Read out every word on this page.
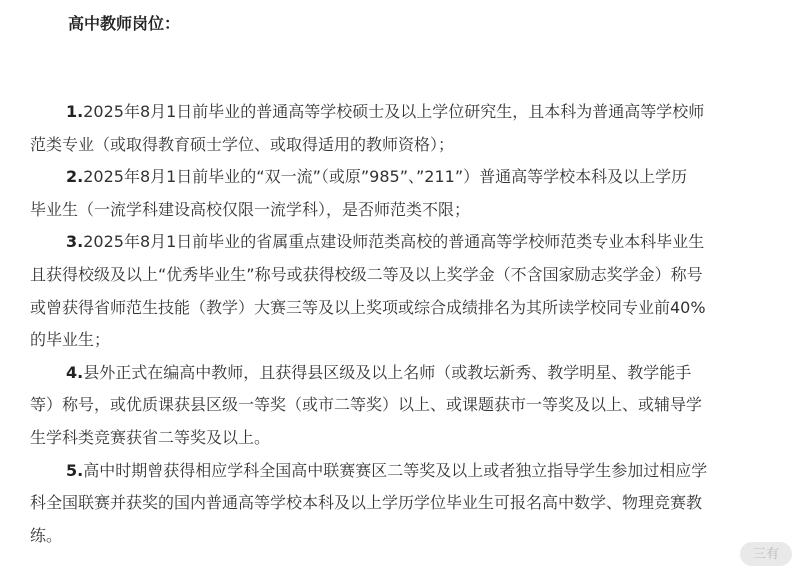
高中教师岗位：

1.2025年8月1日前毕业的普通高等学校硕士及以上学位研究生，且本科为普通高等学校师
范类专业（或取得教育硕士学位、或取得适用的教师资格）；

2.2025年8月1日前毕业的“双一流”（或原”985”、”211”）普通高等学校本科及以上学历
毕业生（一流学科建设高校仅限一流学科），是否师范类不限；

3.2025年8月1日前毕业的省属重点建设师范类高校的普通高等学校师范类专业本科毕业生
且获得校级及以上“优秀毕业生”称号或获得校级二等及以上奖学金（不含国家励志奖学金）称号
或曾获得省师范生技能（教学）大赛三等及以上奖项或综合成绩排名为其所读学校同专业前40%
的毕业生；

4.县外正式在编高中教师，且获得县区级及以上名师（或教坛新秀、教学明星、教学能手
等）称号，或优质课获县区级一等奖（或市二等奖）以上、或课题获市一等奖及以上、或辅导学
生学科类竞赛获省二等奖及以上。

5.高中时期曾获得相应学科全国高中联赛赛区二等奖及以上或者独立指导学生参加过相应学
科全国联赛并获奖的国内普通高等学校本科及以上学历学位毕业生可报名高中数学、物理竞赛教
练。

三有
